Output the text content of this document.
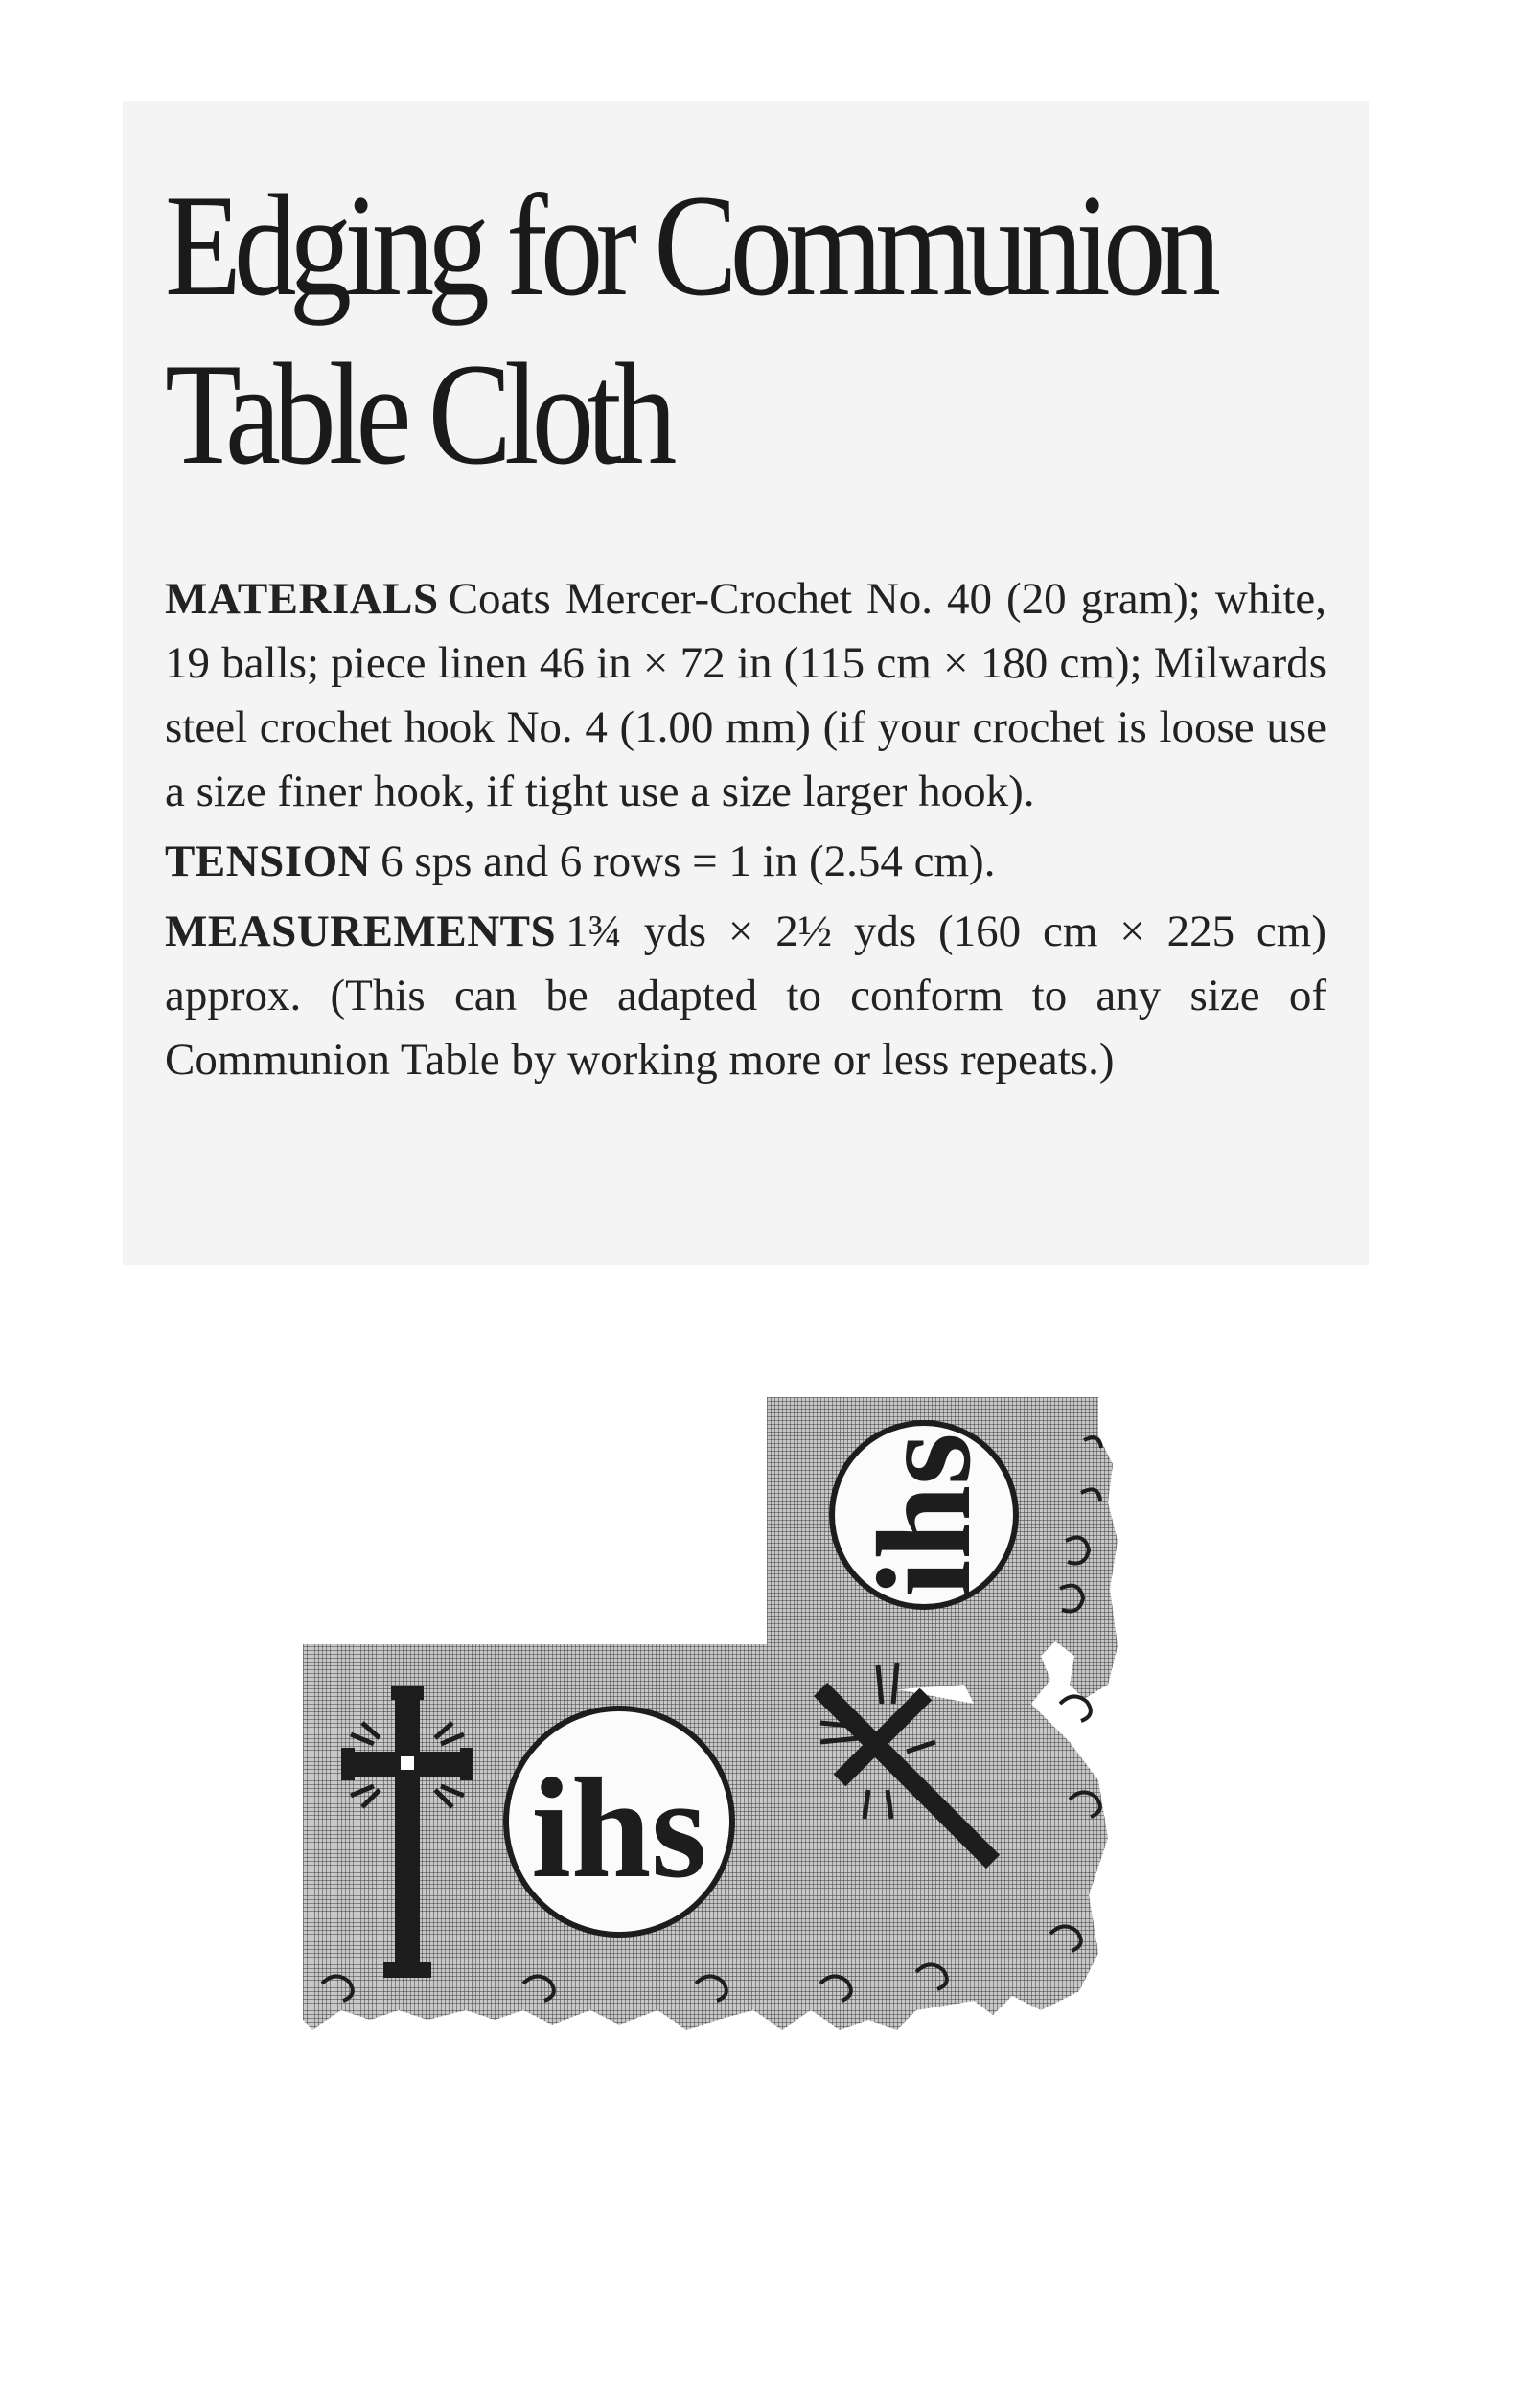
Edging for Communion
Table Cloth

MATERIALS Coats Mercer-Crochet No. 40 (20 gram); white, 19 balls; piece linen 46 in × 72 in (115 cm × 180 cm); Milwards steel crochet hook No. 4 (1.00 mm) (if your crochet is loose use a size finer hook, if tight use a size larger hook).

TENSION 6 sps and 6 rows = 1 in (2.54 cm).

MEASUREMENTS 1¾ yds × 2½ yds (160 cm × 225 cm) approx. (This can be adapted to conform to any size of Communion Table by working more or less repeats.)

ihs
ihs
